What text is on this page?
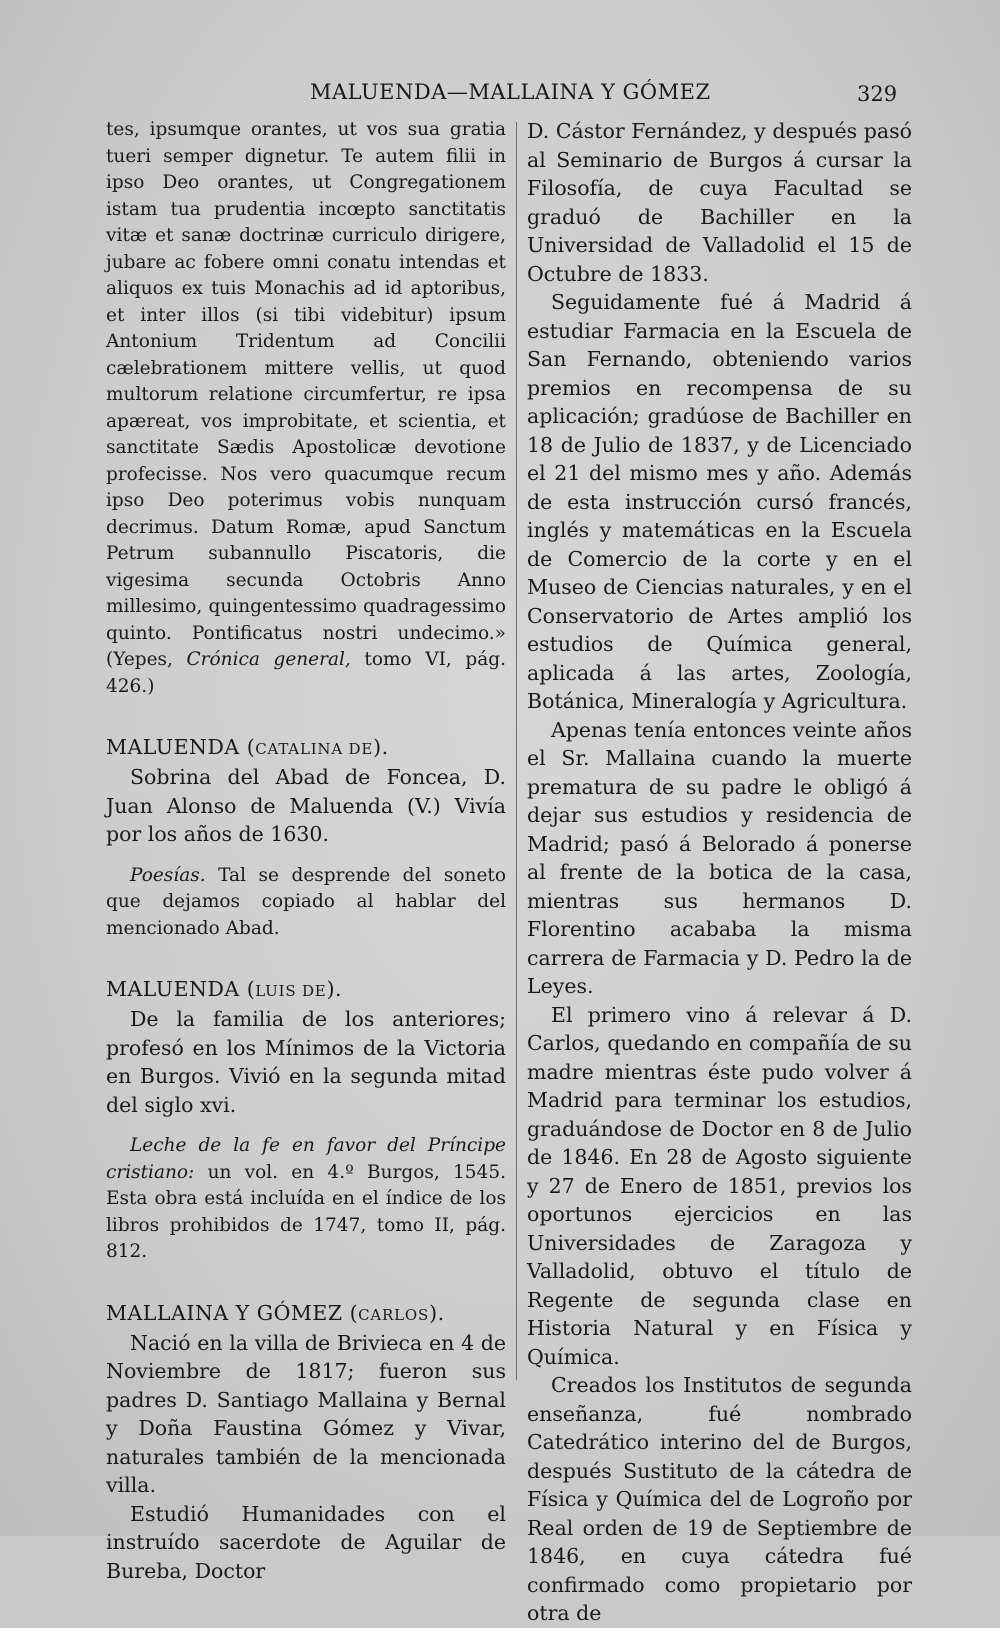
MALUENDA—MALLAINA Y GÓMEZ	329

tes, ipsumque orantes, ut vos sua gratia tueri semper dignetur. Te autem filii in ipso Deo orantes, ut Congregationem istam tua prudentia incœpto sanctitatis vitæ et sanæ doctrinæ curriculo dirigere, jubare ac fobere omni conatu intendas et aliquos ex tuis Monachis ad id aptoribus, et inter illos (si tibi videbitur) ipsum Antonium Tridentum ad Concilii cælebrationem mittere vellis, ut quod multorum relatione circumfertur, re ipsa apæreat, vos improbitate, et scientia, et sanctitate Sædis Apostolicæ devotione profecisse. Nos vero quacumque recum ipso Deo poterimus vobis nunquam decrimus. Datum Romæ, apud Sanctum Petrum subannullo Piscatoris, die vigesima secunda Octobris Anno millesimo, quingentessimo quadragessimo quinto. Pontificatus nostri undecimo.» (Yepes, Crónica general, tomo VI, pág. 426.)

MALUENDA (CATALINA DE).

Sobrina del Abad de Foncea, D. Juan Alonso de Maluenda (V.) Vivía por los años de 1630.

Poesías. Tal se desprende del soneto que dejamos copiado al hablar del mencionado Abad.

MALUENDA (LUIS DE).

De la familia de los anteriores; profesó en los Mínimos de la Victoria en Burgos. Vivió en la segunda mitad del siglo xvi.

Leche de la fe en favor del Príncipe cristiano: un vol. en 4.º Burgos, 1545. Esta obra está incluída en el índice de los libros prohibidos de 1747, tomo II, pág. 812.

MALLAINA Y GÓMEZ (CARLOS).

Nació en la villa de Brivieca en 4 de Noviembre de 1817; fueron sus padres D. Santiago Mallaina y Bernal y Doña Faustina Gómez y Vivar, naturales también de la mencionada villa.

Estudió Humanidades con el instruído sacerdote de Aguilar de Bureba, Doctor

D. Cástor Fernández, y después pasó al Seminario de Burgos á cursar la Filosofía, de cuya Facultad se graduó de Bachiller en la Universidad de Valladolid el 15 de Octubre de 1833.

Seguidamente fué á Madrid á estudiar Farmacia en la Escuela de San Fernando, obteniendo varios premios en recompensa de su aplicación; gradúose de Bachiller en 18 de Julio de 1837, y de Licenciado el 21 del mismo mes y año. Además de esta instrucción cursó francés, inglés y matemáticas en la Escuela de Comercio de la corte y en el Museo de Ciencias naturales, y en el Conservatorio de Artes amplió los estudios de Química general, aplicada á las artes, Zoología, Botánica, Mineralogía y Agricultura.

Apenas tenía entonces veinte años el Sr. Mallaina cuando la muerte prematura de su padre le obligó á dejar sus estudios y residencia de Madrid; pasó á Belorado á ponerse al frente de la botica de la casa, mientras sus hermanos D. Florentino acababa la misma carrera de Farmacia y D. Pedro la de Leyes.

El primero vino á relevar á D. Carlos, quedando en compañía de su madre mientras éste pudo volver á Madrid para terminar los estudios, graduándose de Doctor en 8 de Julio de 1846. En 28 de Agosto siguiente y 27 de Enero de 1851, previos los oportunos ejercicios en las Universidades de Zaragoza y Valladolid, obtuvo el título de Regente de segunda clase en Historia Natural y en Física y Química.

Creados los Institutos de segunda enseñanza, fué nombrado Catedrático interino del de Burgos, después Sustituto de la cátedra de Física y Química del de Logroño por Real orden de 19 de Septiembre de 1846, en cuya cátedra fué confirmado como propietario por otra de
